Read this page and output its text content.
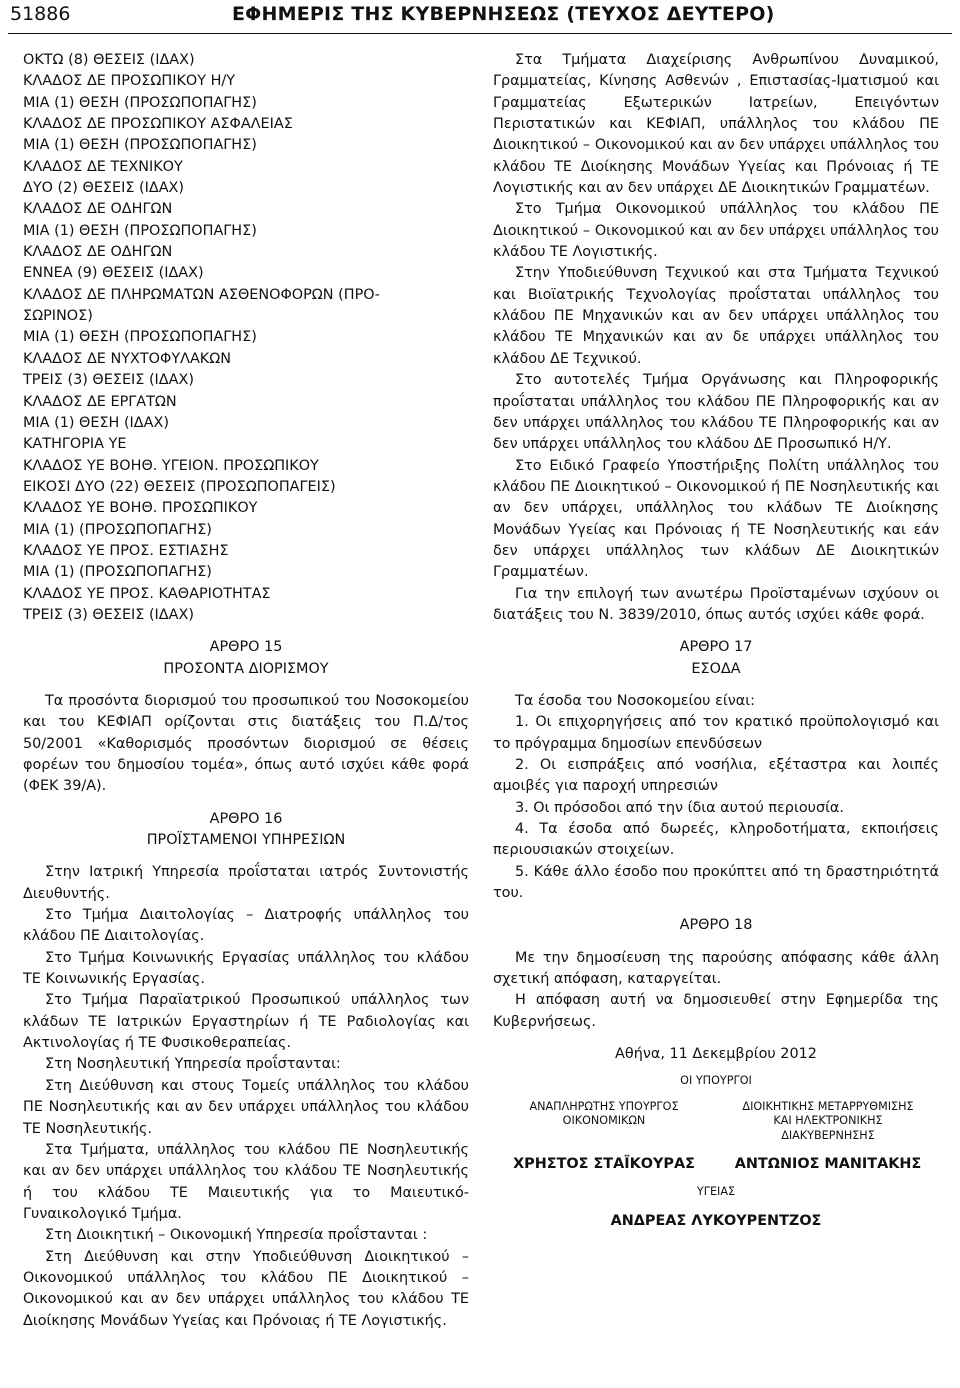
51886	ΕΦΗΜΕΡΙΣ ΤΗΣ ΚΥΒΕΡΝΗΣΕΩΣ (ΤΕΥΧΟΣ ΔΕΥΤΕΡΟ)

ΟΚΤΩ (8) ΘΕΣΕΙΣ (ΙΔΑΧ)

ΚΛΑΔΟΣ ΔΕ ΠΡΟΣΩΠΙΚΟΥ Η/Υ

ΜΙΑ (1) ΘΕΣΗ (ΠΡΟΣΩΠΟΠΑΓΗΣ)

ΚΛΑΔΟΣ ΔΕ ΠΡΟΣΩΠΙΚΟΥ ΑΣΦΑΛΕΙΑΣ

ΜΙΑ (1) ΘΕΣΗ (ΠΡΟΣΩΠΟΠΑΓΗΣ)

ΚΛΑΔΟΣ ΔΕ ΤΕΧΝΙΚΟΥ

ΔΥΟ (2) ΘΕΣΕΙΣ (ΙΔΑΧ)

ΚΛΑΔΟΣ ΔΕ ΟΔΗΓΩΝ

ΜΙΑ (1) ΘΕΣΗ (ΠΡΟΣΩΠΟΠΑΓΗΣ)

ΚΛΑΔΟΣ ΔΕ ΟΔΗΓΩΝ

ΕΝΝΕΑ (9) ΘΕΣΕΙΣ (ΙΔΑΧ)

ΚΛΑΔΟΣ ΔΕ ΠΛΗΡΩΜΑΤΩΝ ΑΣΘΕΝΟΦΟΡΩΝ (ΠΡΟ-

ΣΩΡΙΝΟΣ)

ΜΙΑ (1) ΘΕΣΗ (ΠΡΟΣΩΠΟΠΑΓΗΣ)

ΚΛΑΔΟΣ ΔΕ ΝΥΧΤΟΦΥΛΑΚΩΝ

ΤΡΕΙΣ (3) ΘΕΣΕΙΣ (ΙΔΑΧ)

ΚΛΑΔΟΣ ΔΕ ΕΡΓΑΤΩΝ

ΜΙΑ (1) ΘΕΣΗ (ΙΔΑΧ)

ΚΑΤΗΓΟΡΙΑ ΥΕ

ΚΛΑΔΟΣ ΥΕ ΒΟΗΘ. ΥΓΕΙΟΝ. ΠΡΟΣΩΠΙΚΟΥ

ΕΙΚΟΣΙ ΔΥΟ (22) ΘΕΣΕΙΣ (ΠΡΟΣΩΠΟΠΑΓΕΙΣ)

ΚΛΑΔΟΣ ΥΕ ΒΟΗΘ. ΠΡΟΣΩΠΙΚΟΥ

ΜΙΑ (1) (ΠΡΟΣΩΠΟΠΑΓΗΣ)

ΚΛΑΔΟΣ ΥΕ ΠΡΟΣ. ΕΣΤΙΑΣΗΣ

ΜΙΑ (1) (ΠΡΟΣΩΠΟΠΑΓΗΣ)

ΚΛΑΔΟΣ ΥΕ ΠΡΟΣ. ΚΑΘΑΡΙΟΤΗΤΑΣ

ΤΡΕΙΣ (3) ΘΕΣΕΙΣ (ΙΔΑΧ)

ΑΡΘΡΟ 15

ΠΡΟΣΟΝΤΑ ΔΙΟΡΙΣΜΟΥ

Τα προσόντα διορισμού του προσωπικού του Νοσοκομείου και του ΚΕΦΙΑΠ ορίζονται στις διατάξεις του Π.Δ/τος 50/2001 «Καθορισμός προσόντων διορισμού σε θέσεις φορέων του δημοσίου τομέα», όπως αυτό ισχύει κάθε φορά (ΦΕΚ 39/Α).

ΑΡΘΡΟ 16

ΠΡΟΪΣΤΑΜΕΝΟΙ ΥΠΗΡΕΣΙΩΝ

Στην Ιατρική Υπηρεσία προΐσταται ιατρός Συντονιστής Διευθυντής.

Στο Τμήμα Διαιτολογίας – Διατροφής υπάλληλος του κλάδου ΠΕ Διαιτολογίας.

Στο Τμήμα Κοινωνικής Εργασίας υπάλληλος του κλάδου ΤΕ Κοινωνικής Εργασίας.

Στο Τμήμα Παραϊατρικού Προσωπικού υπάλληλος των κλάδων ΤΕ Ιατρικών Εργαστηρίων ή ΤΕ Ραδιολογίας και Ακτινολογίας ή ΤΕ Φυσικοθεραπείας.

Στη Νοσηλευτική Υπηρεσία προΐστανται:

Στη Διεύθυνση και στους Τομείς υπάλληλος του κλάδου ΠΕ Νοσηλευτικής και αν δεν υπάρχει υπάλληλος του κλάδου ΤΕ Νοσηλευτικής.

Στα Τμήματα, υπάλληλος του κλάδου ΠΕ Νοσηλευτικής και αν δεν υπάρχει υπάλληλος του κλάδου ΤΕ Νοσηλευτικής ή του κλάδου ΤΕ Μαιευτικής για το Μαιευτικό- Γυναικολογικό Τμήμα.

Στη Διοικητική – Οικονομική Υπηρεσία προΐστανται :

Στη Διεύθυνση και στην Υποδιεύθυνση Διοικητικού –Οικονομικού υπάλληλος του κλάδου ΠΕ Διοικητικού – Οικονομικού και αν δεν υπάρχει υπάλληλος του κλάδου ΤΕ Διοίκησης Μονάδων Υγείας και Πρόνοιας ή ΤΕ Λογιστικής.

Στα Τμήματα Διαχείρισης Ανθρωπίνου Δυναμικού, Γραμματείας, Κίνησης Ασθενών , Επιστασίας-Ιματισμού και Γραμματείας Εξωτερικών Ιατρείων, Επειγόντων Περιστατικών και ΚΕΦΙΑΠ, υπάλληλος του κλάδου ΠΕ Διοικητικού – Οικονομικού και αν δεν υπάρχει υπάλληλος του κλάδου ΤΕ Διοίκησης Μονάδων Υγείας και Πρόνοιας ή ΤΕ Λογιστικής και αν δεν υπάρχει ΔΕ Διοικητικών Γραμματέων.

Στο Τμήμα Οικονομικού υπάλληλος του κλάδου ΠΕ Διοικητικού – Οικονομικού και αν δεν υπάρχει υπάλληλος του κλάδου ΤΕ Λογιστικής.

Στην Υποδιεύθυνση Τεχνικού και στα Τμήματα Τεχνικού και Βιοϊατρικής Τεχνολογίας προΐσταται υπάλληλος του κλάδου ΠΕ Μηχανικών και αν δεν υπάρχει υπάλληλος του κλάδου ΤΕ Μηχανικών και αν δε υπάρχει υπάλληλος του κλάδου ΔΕ Τεχνικού.

Στο αυτοτελές Τμήμα Οργάνωσης και Πληροφορικής προΐσταται υπάλληλος του κλάδου ΠΕ Πληροφορικής και αν δεν υπάρχει υπάλληλος του κλάδου ΤΕ Πληροφορικής και αν δεν υπάρχει υπάλληλος του κλάδου ΔΕ Προσωπικό Η/Υ.

Στο Ειδικό Γραφείο Υποστήριξης Πολίτη υπάλληλος του κλάδου ΠΕ Διοικητικού – Οικονομικού ή ΠΕ Νοσηλευτικής και αν δεν υπάρχει, υπάλληλος του κλάδων ΤΕ Διοίκησης Μονάδων Υγείας και Πρόνοιας ή ΤΕ Νοσηλευτικής και εάν δεν υπάρχει υπάλληλος των κλάδων ΔΕ Διοικητικών Γραμματέων.

Για την επιλογή των ανωτέρω Προϊσταμένων ισχύουν οι διατάξεις του Ν. 3839/2010, όπως αυτός ισχύει κάθε φορά.

ΑΡΘΡΟ 17

ΕΣΟΔΑ

Τα έσοδα του Νοσοκομείου είναι:

1. Οι επιχορηγήσεις από τον κρατικό προϋπολογισμό και το πρόγραμμα δημοσίων επενδύσεων

2. Οι εισπράξεις από νοσήλια, εξέταστρα και λοιπές αμοιβές για παροχή υπηρεσιών

3. Οι πρόσοδοι από την ίδια αυτού περιουσία.

4. Τα έσοδα από δωρεές, κληροδοτήματα, εκποιήσεις περιουσιακών στοιχείων.

5. Κάθε άλλο έσοδο που προκύπτει από τη δραστηριότητά του.

ΑΡΘΡΟ 18

Με την δημοσίευση της παρούσης απόφασης κάθε άλλη σχετική απόφαση, καταργείται.

Η απόφαση αυτή να δημοσιευθεί στην Εφημερίδα της Κυβερνήσεως.

Αθήνα, 11 Δεκεμβρίου 2012

ΟΙ ΥΠΟΥΡΓΟΙ

ΑΝΑΠΛΗΡΩΤΗΣ ΥΠΟΥΡΓΟΣ
ΟΙΚΟΝΟΜΙΚΩΝ
ΔΙΟΙΚΗΤΙΚΗΣ ΜΕΤΑΡΡΥΘΜΙΣΗΣ
ΚΑΙ ΗΛΕΚΤΡΟΝΙΚΗΣ
ΔΙΑΚΥΒΕΡΝΗΣΗΣ
ΧΡΗΣΤΟΣ ΣΤΑΪΚΟΥΡΑΣ	ΑΝΤΩΝΙΟΣ ΜΑΝΙΤΑΚΗΣ

ΥΓΕΙΑΣ

ΑΝΔΡΕΑΣ ΛΥΚΟΥΡΕΝΤΖΟΣ
